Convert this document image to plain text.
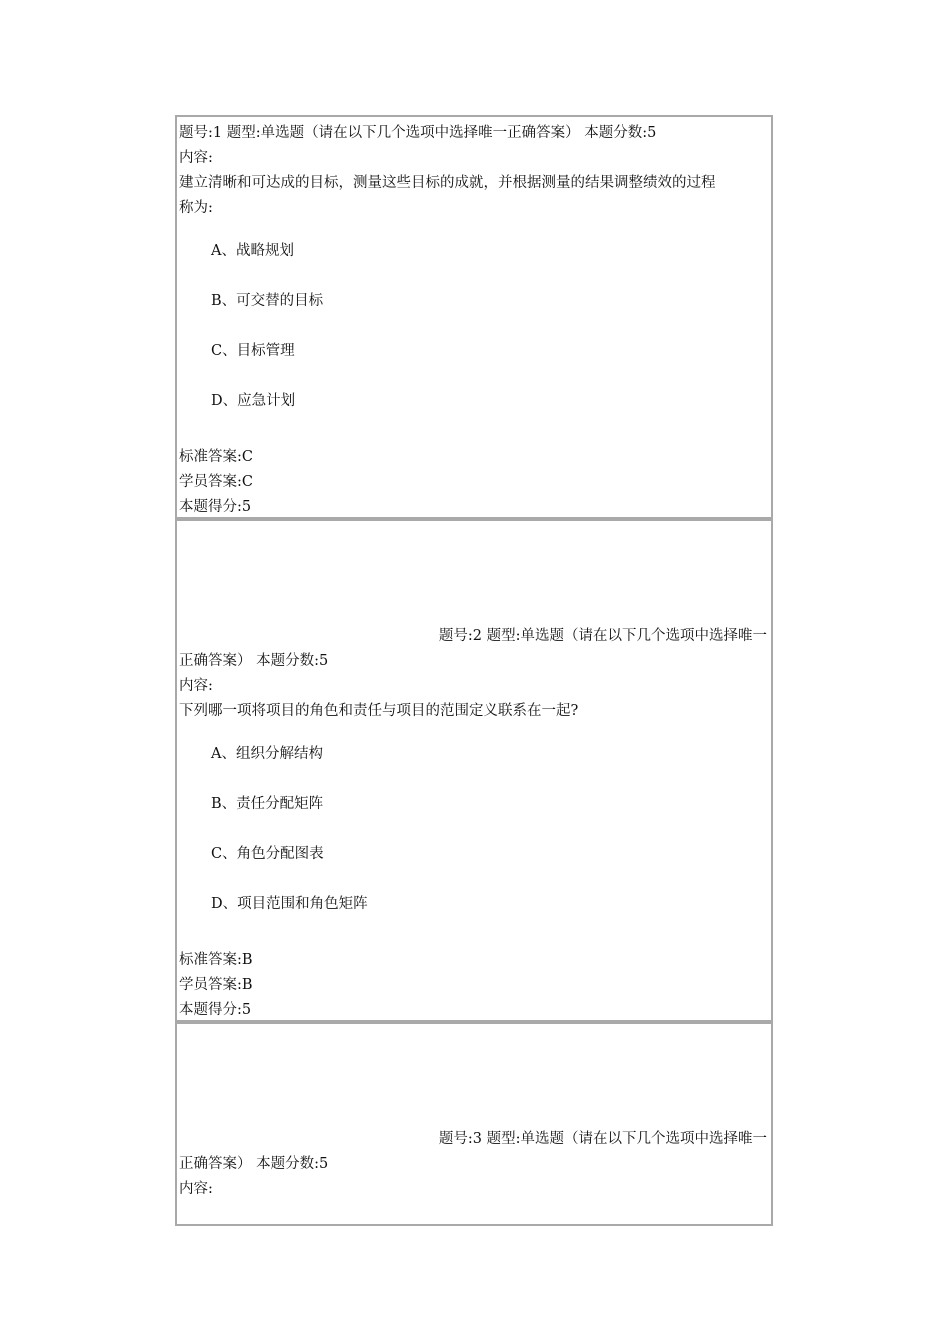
题号:1 题型:单选题（请在以下几个选项中选择唯一正确答案） 本题分数:5
内容:
建立清晰和可达成的目标，测量这些目标的成就，并根据测量的结果调整绩效的过程
称为:
A、战略规划
B、可交替的目标
C、目标管理
D、应急计划
标准答案:C
学员答案:C
本题得分:5
题号:2 题型:单选题（请在以下几个选项中选择唯一
正确答案） 本题分数:5
内容:
下列哪一项将项目的角色和责任与项目的范围定义联系在一起?
A、组织分解结构
B、责任分配矩阵
C、角色分配图表
D、项目范围和角色矩阵
标准答案:B
学员答案:B
本题得分:5
题号:3 题型:单选题（请在以下几个选项中选择唯一
正确答案） 本题分数:5
内容:
